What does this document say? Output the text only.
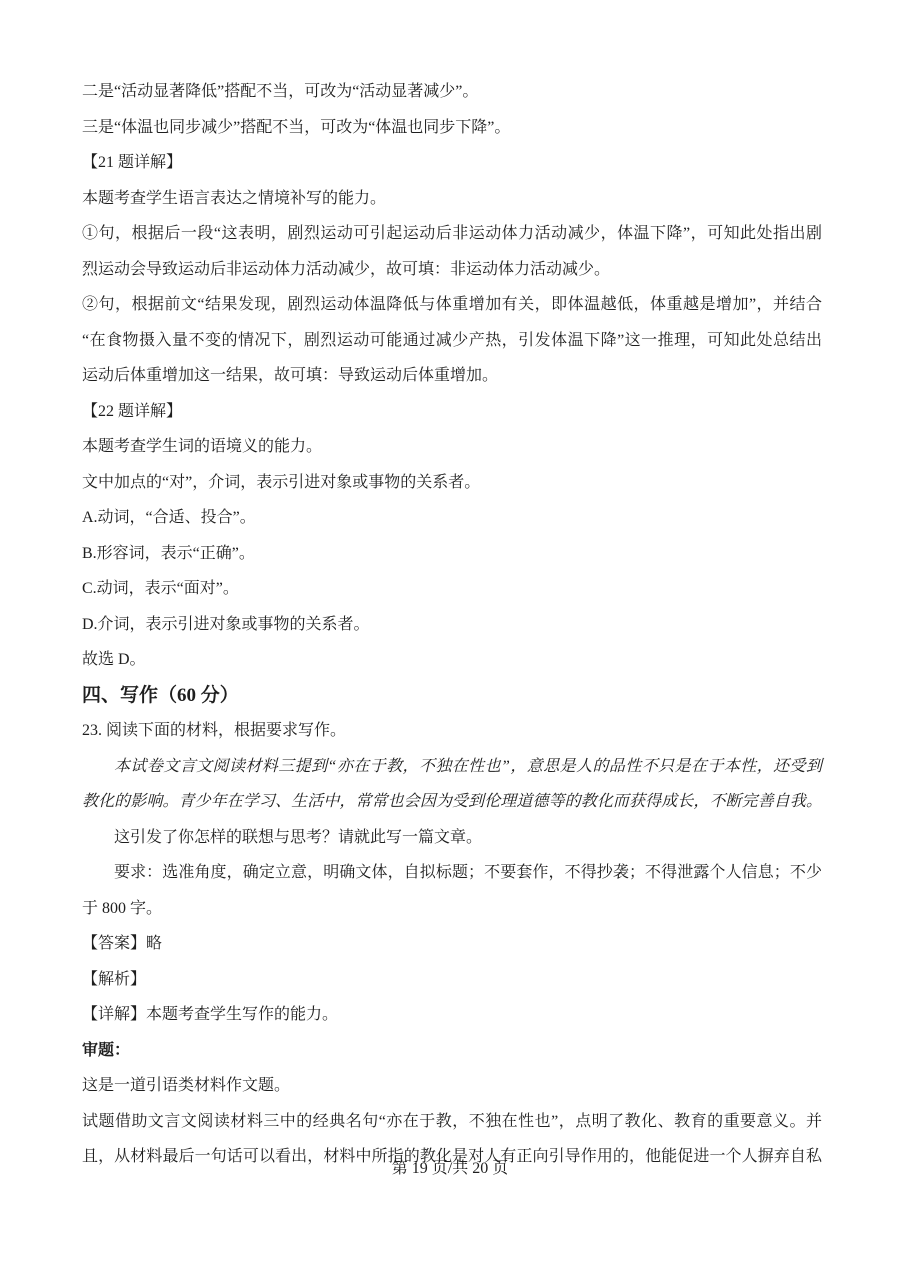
二是“活动显著降低”搭配不当，可改为“活动显著减少”。
三是“体温也同步减少”搭配不当，可改为“体温也同步下降”。
【21 题详解】
本题考查学生语言表达之情境补写的能力。
①句，根据后一段“这表明，剧烈运动可引起运动后非运动体力活动减少，体温下降”，可知此处指出剧
烈运动会导致运动后非运动体力活动减少，故可填：非运动体力活动减少。
②句，根据前文“结果发现，剧烈运动体温降低与体重增加有关，即体温越低，体重越是增加”，并结合
“在食物摄入量不变的情况下，剧烈运动可能通过减少产热，引发体温下降”这一推理，可知此处总结出
运动后体重增加这一结果，故可填：导致运动后体重增加。
【22 题详解】
本题考查学生词的语境义的能力。
文中加点的“对”，介词，表示引进对象或事物的关系者。
A.动词，“合适、投合”。
B.形容词，表示“正确”。
C.动词，表示“面对”。
D.介词，表示引进对象或事物的关系者。
故选 D。
四、写作（60 分）
23. 阅读下面的材料，根据要求写作。
本试卷文言文阅读材料三提到“亦在于教，不独在性也”，意思是人的品性不只是在于本性，还受到
教化的影响。青少年在学习、生活中，常常也会因为受到伦理道德等的教化而获得成长，不断完善自我。
这引发了你怎样的联想与思考？请就此写一篇文章。
要求：选准角度，确定立意，明确文体，自拟标题；不要套作，不得抄袭；不得泄露个人信息；不少
于 800 字。
【答案】略
【解析】
【详解】本题考查学生写作的能力。
审题：
这是一道引语类材料作文题。
试题借助文言文阅读材料三中的经典名句“亦在于教，不独在性也”，点明了教化、教育的重要意义。并
且，从材料最后一句话可以看出，材料中所指的教化是对人有正向引导作用的，他能促进一个人摒弃自私
第 19 页/共 20 页
